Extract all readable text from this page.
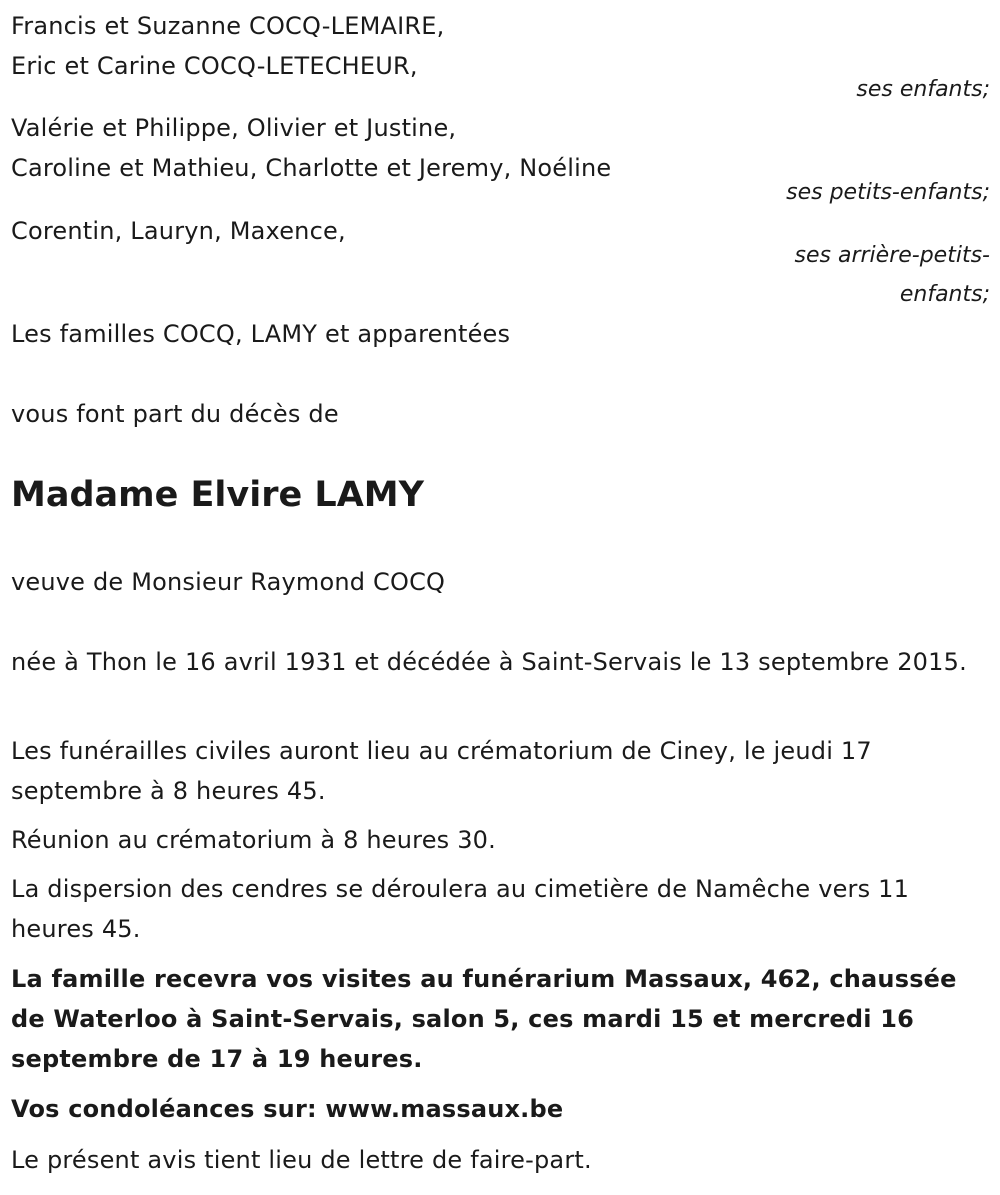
Francis et Suzanne COCQ-LEMAIRE,
Eric et Carine COCQ-LETECHEUR,
ses enfants;
Valérie et Philippe, Olivier et Justine,
Caroline et Mathieu, Charlotte et Jeremy, Noéline
ses petits-enfants;
Corentin, Lauryn, Maxence,
ses arrière-petits-
enfants;
Les familles COCQ, LAMY et apparentées
vous font part du décès de
Madame Elvire LAMY
veuve de Monsieur Raymond COCQ
née à Thon le 16 avril 1931 et décédée à Saint-Servais le 13 septembre 2015.
Les funérailles civiles auront lieu au crématorium de Ciney, le jeudi 17 septembre à 8 heures 45.
Réunion au crématorium à 8 heures 30.
La dispersion des cendres se déroulera au cimetière de Namêche vers 11 heures 45.
La famille recevra vos visites au funérarium Massaux, 462, chaussée de Waterloo à Saint-Servais, salon 5, ces mardi 15 et mercredi 16 septembre de 17 à 19 heures.
Vos condoléances sur: www.massaux.be
Le présent avis tient lieu de lettre de faire-part.
